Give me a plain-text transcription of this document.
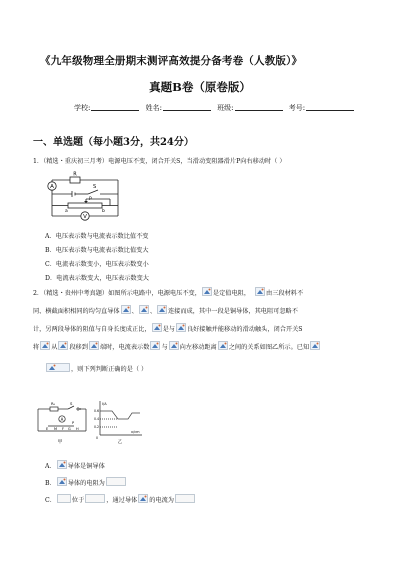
《九年级物理全册期末测评高效提分备考卷（人教版）》
真题B卷（原卷版）
学校:	姓名:	班级:	考号:
一、单选题（每小题3分，共24分）
1．（精选・重庆初三月考）电源电压不变，闭合开关S，当滑动变阻器滑片P向右移动时（ ）
A
V
R
S
P
a	b
A．电压表示数与电流表示数比值不变
B．电压表示数与电流表示数比值变大
C．电流表示数变小，电压表示数变小
D．电流表示数变大，电压表示数变大
2．（精选・贵州中考真题）如图所示电路中，电源电压不变， 是定值电阻，	由三段材料不
同、横截面积相同的均匀直导体 、 、 连接而成，其中一段是铜导体，其电阻可忽略不
计，另两段导体的阻值与自身长度成正比， 是与 良好接触并能移动的滑动触头，闭合开关S
将 从 段移到 端时，电流表示数 与 向左移动距离 之间的关系如图乙所示。已知
，则下列判断正确的是（ ）
A
R₀	S
E M F G
P
H
甲
I/A
x/cm
0.6
0.4
0.2
0
乙
A． 导体是铜导体
B． 导体的电阻为
C．	位于	，通过导体 的电流为
